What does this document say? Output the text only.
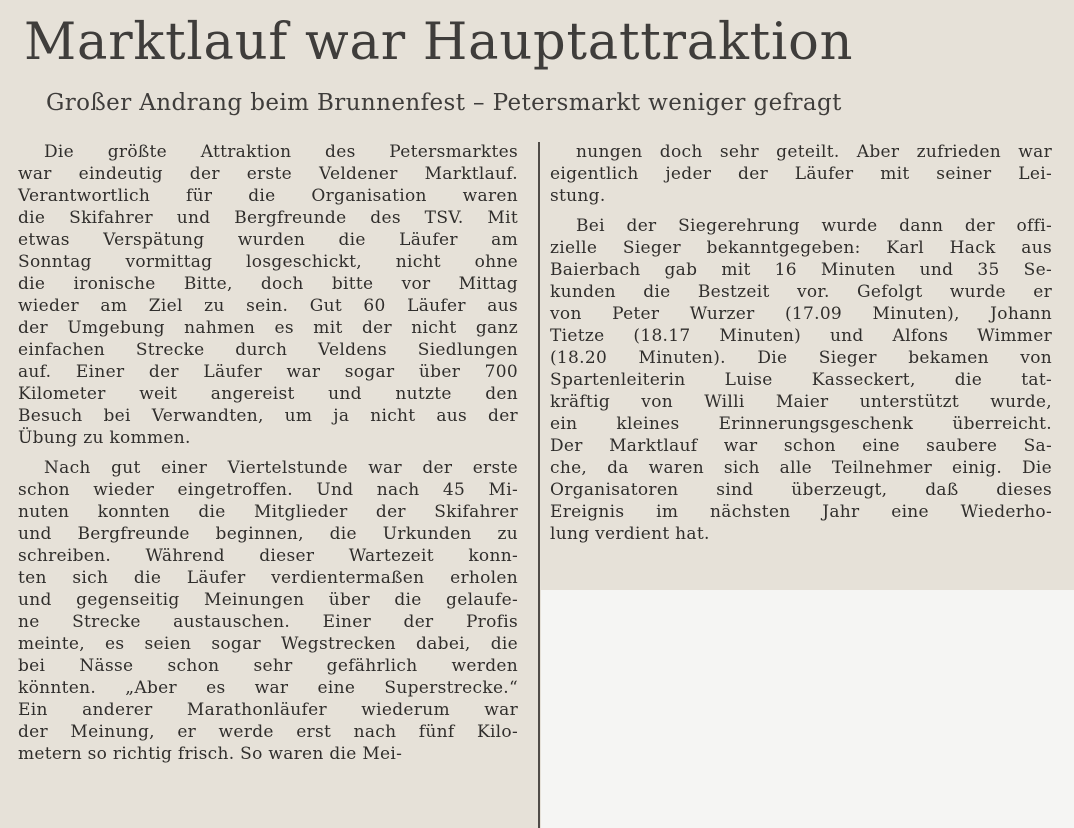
Marktlauf war Hauptattraktion
Großer Andrang beim Brunnenfest – Petersmarkt weniger gefragt

Die größte Attraktion des Petersmarktes
war eindeutig der erste Veldener Marktlauf.
Verantwortlich für die Organisation waren
die Skifahrer und Bergfreunde des TSV. Mit
etwas Verspätung wurden die Läufer am
Sonntag vormittag losgeschickt, nicht ohne
die ironische Bitte, doch bitte vor Mittag
wieder am Ziel zu sein. Gut 60 Läufer aus
der Umgebung nahmen es mit der nicht ganz
einfachen Strecke durch Veldens Siedlungen
auf. Einer der Läufer war sogar über 700
Kilometer weit angereist und nutzte den
Besuch bei Verwandten, um ja nicht aus der
Übung zu kommen.

Nach gut einer Viertelstunde war der erste
schon wieder eingetroffen. Und nach 45 Mi-
nuten konnten die Mitglieder der Skifahrer
und Bergfreunde beginnen, die Urkunden zu
schreiben. Während dieser Wartezeit konn-
ten sich die Läufer verdientermaßen erholen
und gegenseitig Meinungen über die gelaufe-
ne Strecke austauschen. Einer der Profis
meinte, es seien sogar Wegstrecken dabei, die
bei Nässe schon sehr gefährlich werden
könnten. „Aber es war eine Superstrecke.“
Ein anderer Marathonläufer wiederum war
der Meinung, er werde erst nach fünf Kilo-
metern so richtig frisch. So waren die Mei-

nungen doch sehr geteilt. Aber zufrieden war
eigentlich jeder der Läufer mit seiner Lei-
stung.

Bei der Siegerehrung wurde dann der offi-
zielle Sieger bekanntgegeben: Karl Hack aus
Baierbach gab mit 16 Minuten und 35 Se-
kunden die Bestzeit vor. Gefolgt wurde er
von Peter Wurzer (17.09 Minuten), Johann
Tietze (18.17 Minuten) und Alfons Wimmer
(18.20 Minuten). Die Sieger bekamen von
Spartenleiterin Luise Kasseckert, die tat-
kräftig von Willi Maier unterstützt wurde,
ein kleines Erinnerungsgeschenk überreicht.
Der Marktlauf war schon eine saubere Sa-
che, da waren sich alle Teilnehmer einig. Die
Organisatoren sind überzeugt, daß dieses
Ereignis im nächsten Jahr eine Wiederho-
lung verdient hat.
